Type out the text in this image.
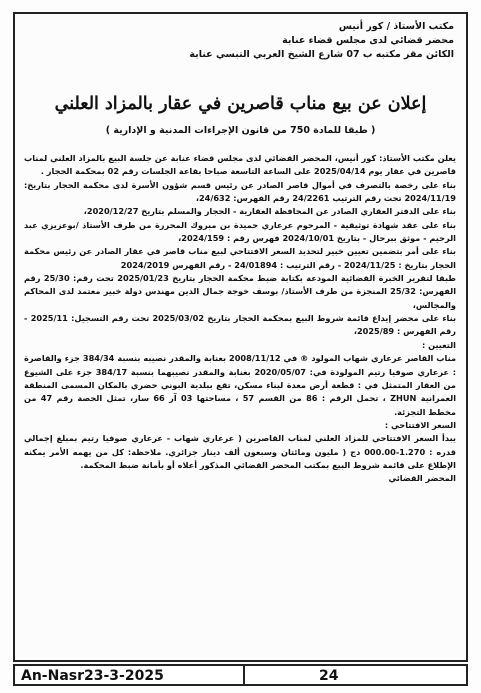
مكتب الأستاذ / كور أنيس
محضر قضائي لدى مجلس قضاء عنابة
الكائن مقر مكتبه ب 07 شارع الشيخ العربي التبسي عنابة
إعلان عن بيع مناب قاصرين في عقار بالمزاد العلني
( طبقا للمادة 750 من قانون الإجراءات المدنية و الإدارية )

يعلن مكتب الأستاذ: كور أنيس، المحضر القضائي لدى مجلس قضاء عنابة عن جلسة البيع بالمزاد العلني لمناب قاصرين في عقار يوم 2025/04/14 على الساعة التاسعة صباحا بقاعة الجلسات رقم 02 بمحكمة الحجار .

بناء على رخصة بالتصرف في أموال قاصر الصادر عن رئيس قسم شؤون الأسرة لدى محكمة الحجار بتاريخ: 2024/11/19 تحت رقم الترتيب 24/2261 رقم الفهرس: 24/632،

بناء على الدفتر العقاري الصادر عن المحافظة العقارية - الحجار والمسلم بتاريخ 2020/12/27،

بناء على عقد شهادة توثيقية - المرحوم عرعاري حميدة بن مبروك المحررة من طرف الأستاذ /بوعزيزي عبد الرحيم - موثق ببرحال - بتاريخ 2024/10/01 فهرس رقم : 2024/159،

بناء على أمر بتضمين تعيين خبير لتحديد السعر الافتتاحي لبيع مناب قاصر في عقار الصادر عن رئيس محكمة الحجار بتاريخ : 2024/11/25 - رقم الترتيب : 24/01894 - رقم الفهرس 2024/2019

طبقا لتقرير الخبرة القضائية المودعة بكتابة ضبط محكمة الحجار بتاريخ 2025/01/23 تحت رقم: 25/30 رقم الفهرس: 25/32 المنجزة من طرف الأستاذ/ بوسف خوجة جمال الدين مهندس دولة خبير معتمد لدى المحاكم والمجالس،

بناء على محضر إيداع قائمة شروط البيع بمحكمة الحجار بتاريخ 2025/03/02 تحت رقم التسجيل: 2025/11 - رقم الفهرس : 2025/89،

التعيين :

مناب القاصر عرعاري شهاب المولود ® في 2008/11/12 بعنابة والمقدر نصيبه بنسبة 384/34 جزء والقاصرة : عرعاري صوفيا رتيم المولودة في: 2020/05/07 بعنابة والمقدر نصيبهما بنسبة 384/17 جزء على الشيوع من العقار المتمثل في : قطعة أرض معدة لبناء مسكن، تقع ببلدية البوني حضري بالمكان المسمى المنطقة العمرانية ZHUN ، تحمل الرقم : 86 من القسم 57 ، مساحتها 03 آر 66 سار، تمثل الحصة رقم 47 من مخطط التجزئة.

السعر الافتتاحي :

يبدأ السعر الافتتاحي للمزاد العلني لمناب القاصرين ( عرعاري شهاب - عرعاري صوفيا رتيم بمبلغ إجمالي قدره : 1.270-000.00 دج ( مليون ومائتان وسبعون ألف دينار جزائري. ملاحظة: كل من يهمه الأمر يمكنه الإطلاع على قائمة شروط البيع بمكتب المحضر القضائي المذكور أعلاه أو بأمانة ضبط المحكمة.

المحضر القضائي

An-Nasr23-3-2025	24
